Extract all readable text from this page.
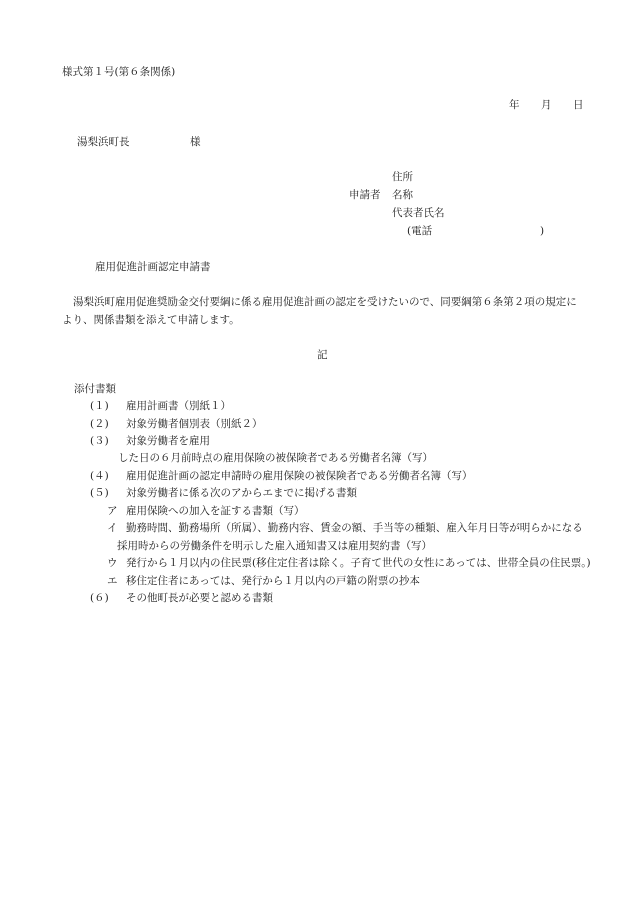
様式第１号(第６条関係)
年 月 日
湯梨浜町長	様
住所
申請者 名称
代表者氏名
(電話	)
雇用促進計画認定申請書
湯梨浜町雇用促進奨励金交付要綱に係る雇用促進計画の認定を受けたいので、同要綱第６条第２項の規定に
より、関係書類を添えて申請します。
記
添付書類
(１) 雇用計画書（別紙１）
(２) 対象労働者個別表（別紙２）
(３) 対象労働者を雇用
した日の６月前時点の雇用保険の被保険者である労働者名簿（写）
(４) 雇用促進計画の認定申請時の雇用保険の被保険者である労働者名簿（写）
(５) 対象労働者に係る次のアからエまでに掲げる書類
ア 雇用保険への加入を証する書類（写）
イ 勤務時間、勤務場所（所属）、勤務内容、賃金の額、手当等の種類、雇入年月日等が明らかになる
採用時からの労働条件を明示した雇入通知書又は雇用契約書（写）
ウ 発行から１月以内の住民票(移住定住者は除く。子育て世代の女性にあっては、世帯全員の住民票。)
エ 移住定住者にあっては、発行から１月以内の戸籍の附票の抄本
(６) その他町長が必要と認める書類
